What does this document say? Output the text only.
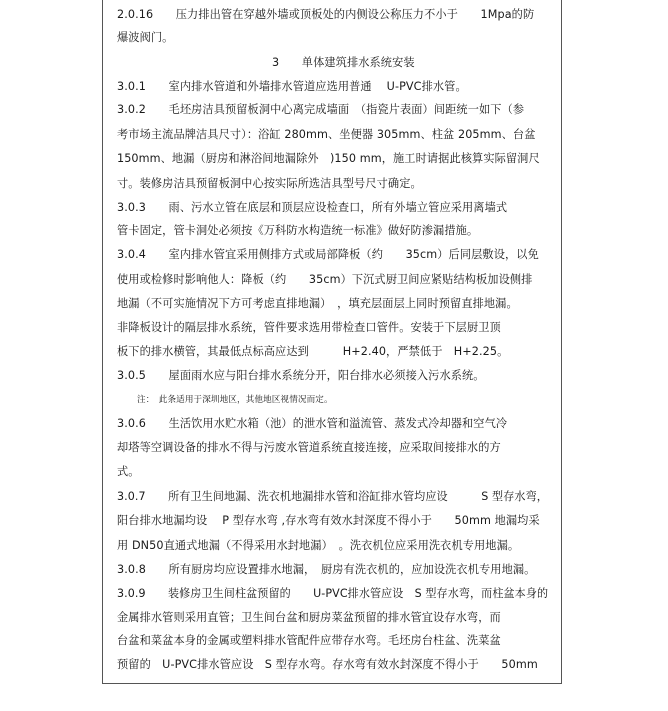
2.0.16　　压力排出管在穿越外墙或顶板处的内侧设公称压力不小于　　1Mpa的防
爆波阀门。
3　　单体建筑排水系统安装
3.0.1　　室内排水管道和外墙排水管道应选用普通　 U-PVC排水管。
3.0.2　　毛坯房洁具预留板洞中心离完成墙面　（指瓷片表面）间距统一如下（参
考市场主流品牌洁具尺寸）：浴缸 280mm、坐便器 305mm、柱盆 205mm、台盆
150mm、地漏（厨房和淋浴间地漏除外　)150 mm，施工时请据此核算实际留洞尺
寸。装修房洁具预留板洞中心按实际所选洁具型号尺寸确定。
3.0.3　　雨、污水立管在底层和顶层应设检查口，所有外墙立管应采用离墙式
管卡固定，管卡洞处必须按《万科防水构造统一标准》做好防渗漏措施。
3.0.4　　室内排水管宜采用侧排方式或局部降板（约　　35cm）后同层敷设，以免
使用或检修时影响他人：降板（约　　35cm）下沉式厨卫间应紧贴结构板加设侧排
地漏（不可实施情况下方可考虑直排地漏）　，填充层面层上同时预留直排地漏。
非降板设计的隔层排水系统，管件要求选用带检查口管件。安装于下层厨卫顶
板下的排水横管，其最低点标高应达到　　　H+2.40，严禁低于　H+2.25。
3.0.5　　屋面雨水应与阳台排水系统分开，阳台排水必须接入污水系统。
注：　此条适用于深圳地区，其他地区视情况而定。
3.0.6　　生活饮用水贮水箱（池）的泄水管和溢流管、蒸发式冷却器和空气冷
却塔等空调设备的排水不得与污废水管道系统直接连接，应采取间接排水的方
式。
3.0.7　　所有卫生间地漏、洗衣机地漏排水管和浴缸排水管均应设　　　S 型存水弯，
阳台排水地漏均设　 P 型存水弯 ,存水弯有效水封深度不得小于　　50mm 地漏均采
用 DN50直通式地漏（不得采用水封地漏）　。洗衣机位应采用洗衣机专用地漏。
3.0.8　　所有厨房均应设置排水地漏，　厨房有洗衣机的，应加设洗衣机专用地漏。
3.0.9　　装修房卫生间柱盆预留的　　U-PVC排水管应设　S 型存水弯，而柱盆本身的
金属排水管则采用直管；卫生间台盆和厨房菜盆预留的排水管宜设存水弯，而
台盆和菜盆本身的金属或塑料排水管配件应带存水弯。毛坯房台柱盆、洗菜盆
预留的　U-PVC排水管应设　S 型存水弯。存水弯有效水封深度不得小于　　50mm
